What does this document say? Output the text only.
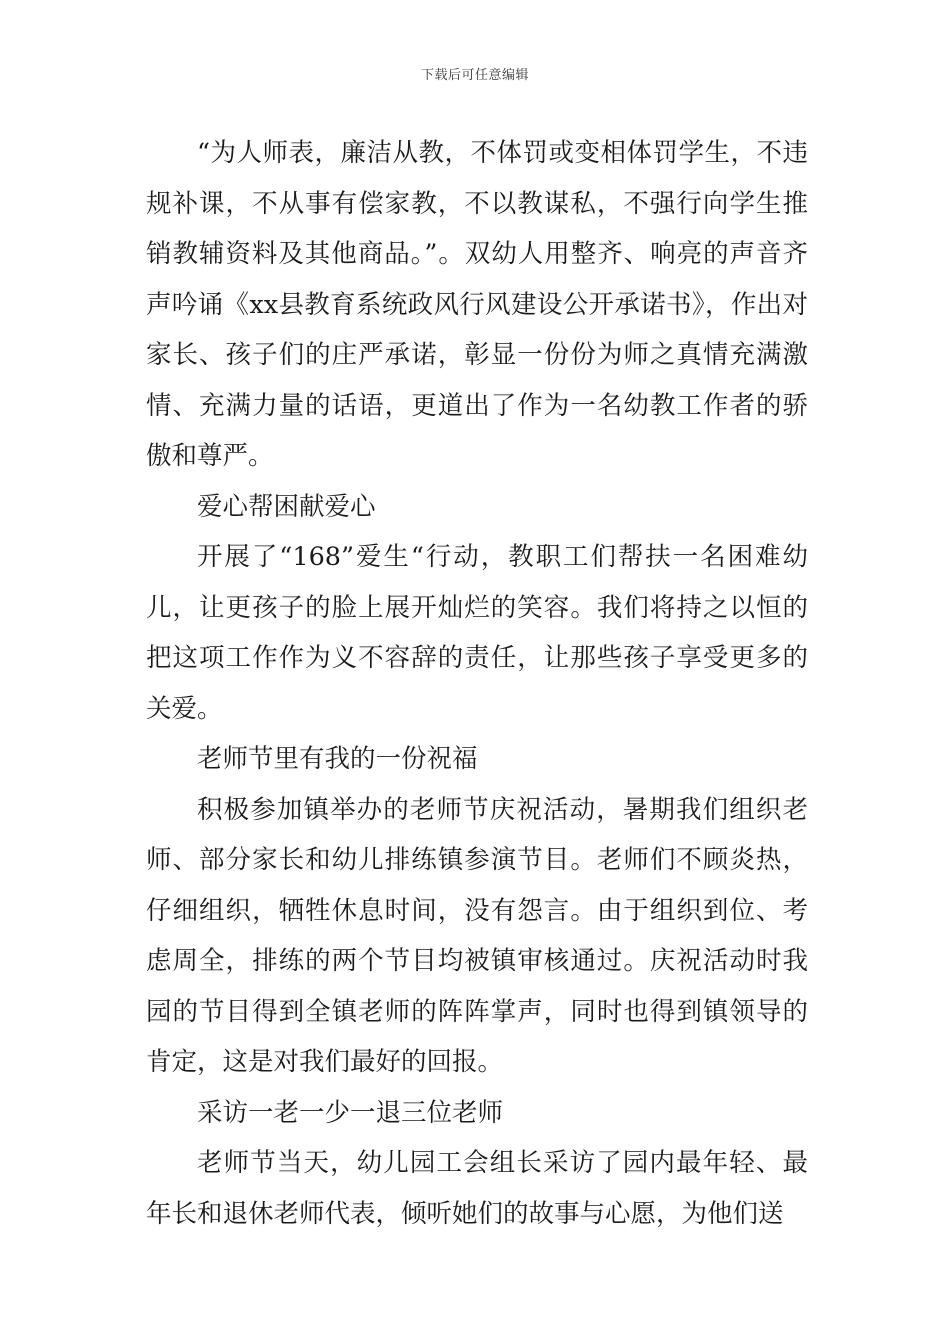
下载后可任意编辑

“为人师表，廉洁从教，不体罚或变相体罚学生，不违规补课，不从事有偿家教，不以教谋私，不强行向学生推销教辅资料及其他商品。”。双幼人用整齐、响亮的声音齐声吟诵《xx县教育系统政风行风建设公开承诺书》，作出对家长、孩子们的庄严承诺，彰显一份份为师之真情充满激情、充满力量的话语，更道出了作为一名幼教工作者的骄傲和尊严。

爱心帮困献爱心

开展了“168”爱生“行动，教职工们帮扶一名困难幼儿，让更孩子的脸上展开灿烂的笑容。我们将持之以恒的把这项工作作为义不容辞的责任，让那些孩子享受更多的关爱。

老师节里有我的一份祝福

积极参加镇举办的老师节庆祝活动，暑期我们组织老师、部分家长和幼儿排练镇参演节目。老师们不顾炎热，仔细组织，牺牲休息时间，没有怨言。由于组织到位、考虑周全，排练的两个节目均被镇审核通过。庆祝活动时我园的节目得到全镇老师的阵阵掌声，同时也得到镇领导的肯定，这是对我们最好的回报。

采访一老一少一退三位老师

老师节当天，幼儿园工会组长采访了园内最年轻、最年长和退休老师代表，倾听她们的故事与心愿，为他们送
